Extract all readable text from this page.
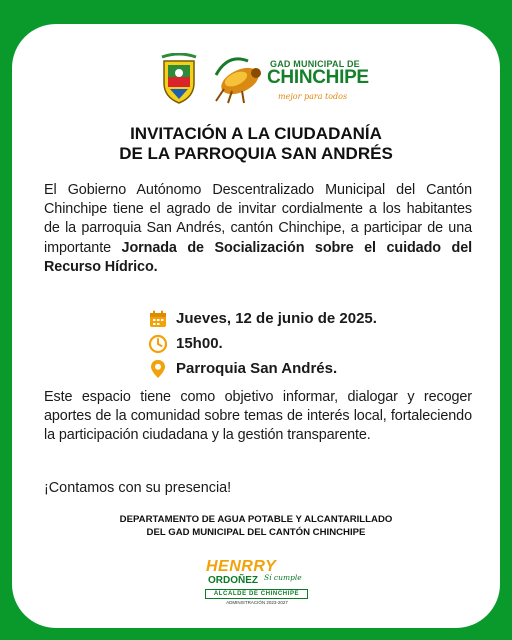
GAD MUNICIPAL DE
CHINCHIPE
mejor para todos
INVITACIÓN A LA CIUDADANÍA
DE LA PARROQUIA SAN ANDRÉS

El Gobierno Autónomo Descentralizado Municipal del Cantón Chinchipe tiene el agrado de invitar cordialmente a los habitantes de la parroquia San Andrés, cantón Chinchipe, a participar de una importante Jornada de Socialización sobre el cuidado del Recurso Hídrico.

Jueves, 12 de junio de 2025.
15h00.
Parroquia San Andrés.

Este espacio tiene como objetivo informar, dialogar y recoger aportes de la comunidad sobre temas de interés local, fortaleciendo la participación ciudadana y la gestión transparente.

¡Contamos con su presencia!

DEPARTAMENTO DE AGUA POTABLE Y ALCANTARILLADO
DEL GAD MUNICIPAL DEL CANTÓN CHINCHIPE
HENRRY
ORDOÑEZ Sí cumple
ALCALDE DE CHINCHIPE
ADMINISTRACIÓN 2023-2027
